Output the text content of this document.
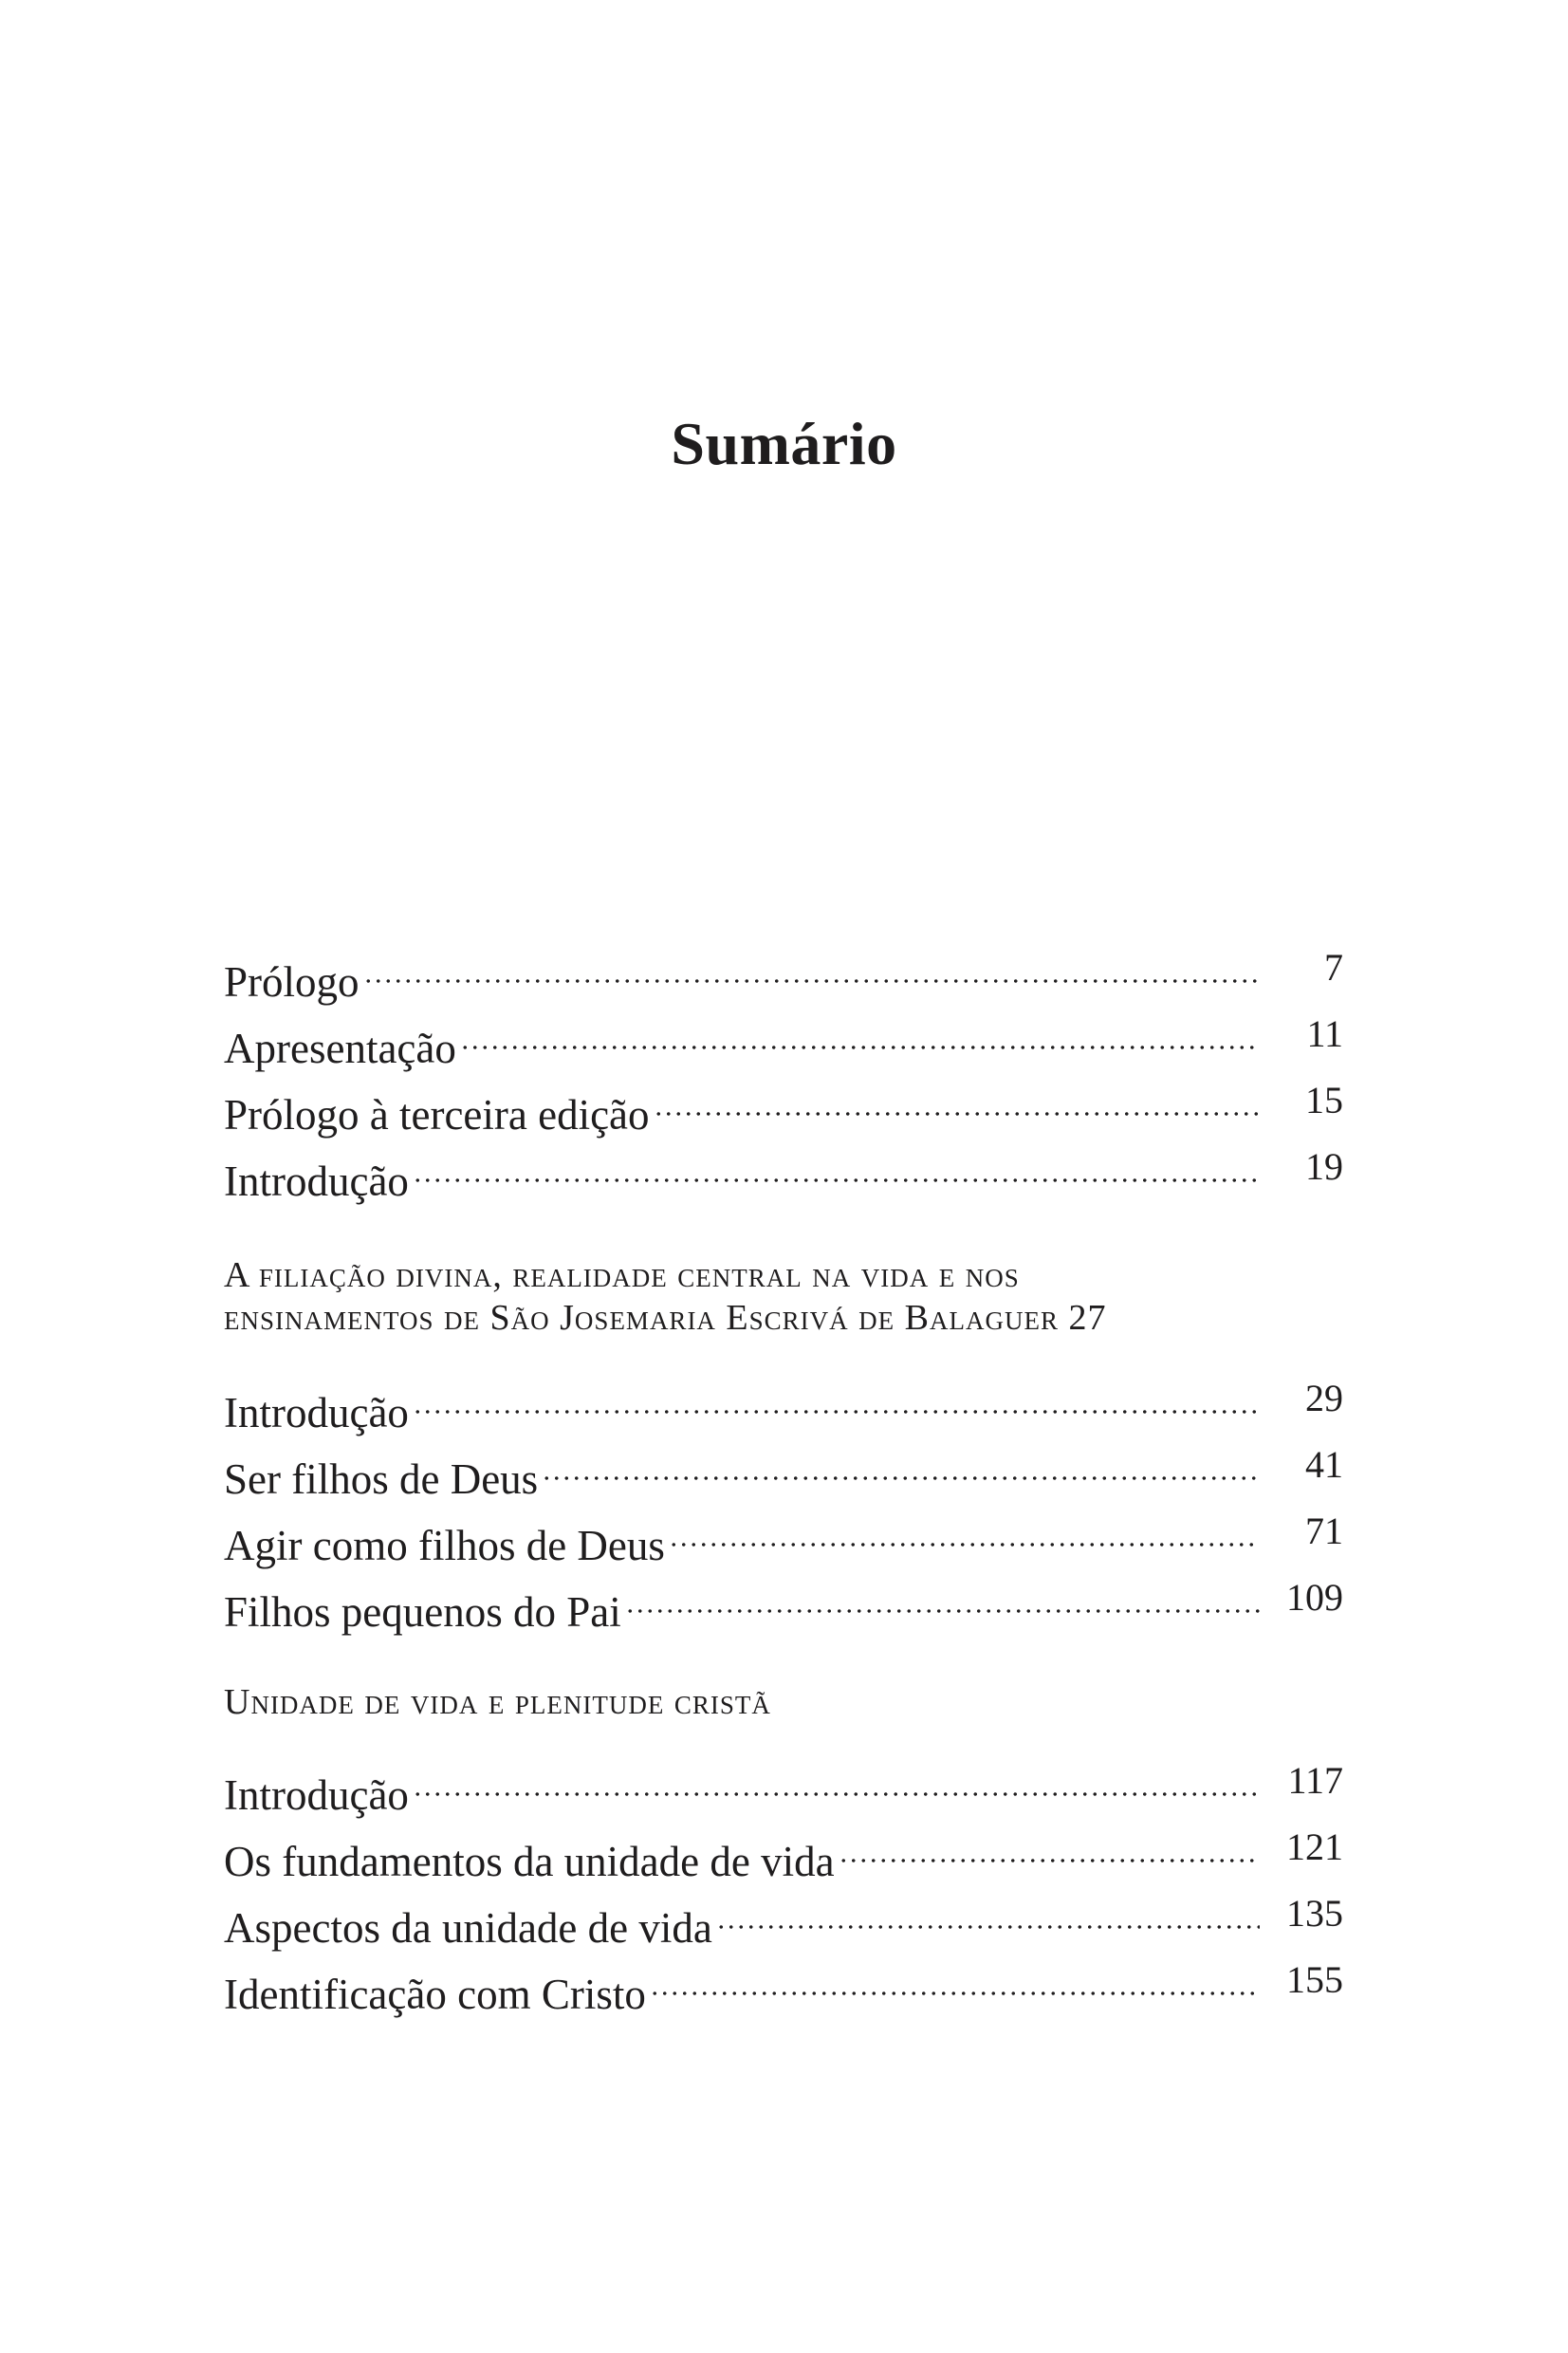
Sumário
Prólogo	7
Apresentação	11
Prólogo à terceira edição	15
Introdução	19
A filiação divina, realidade central na vida e nos
ensinamentos de São Josemaria Escrivá de Balaguer 27
Introdução	29
Ser filhos de Deus	41
Agir como filhos de Deus	71
Filhos pequenos do Pai	109
Unidade de vida e plenitude cristã
Introdução	117
Os fundamentos da unidade de vida	121
Aspectos da unidade de vida	135
Identificação com Cristo	155
